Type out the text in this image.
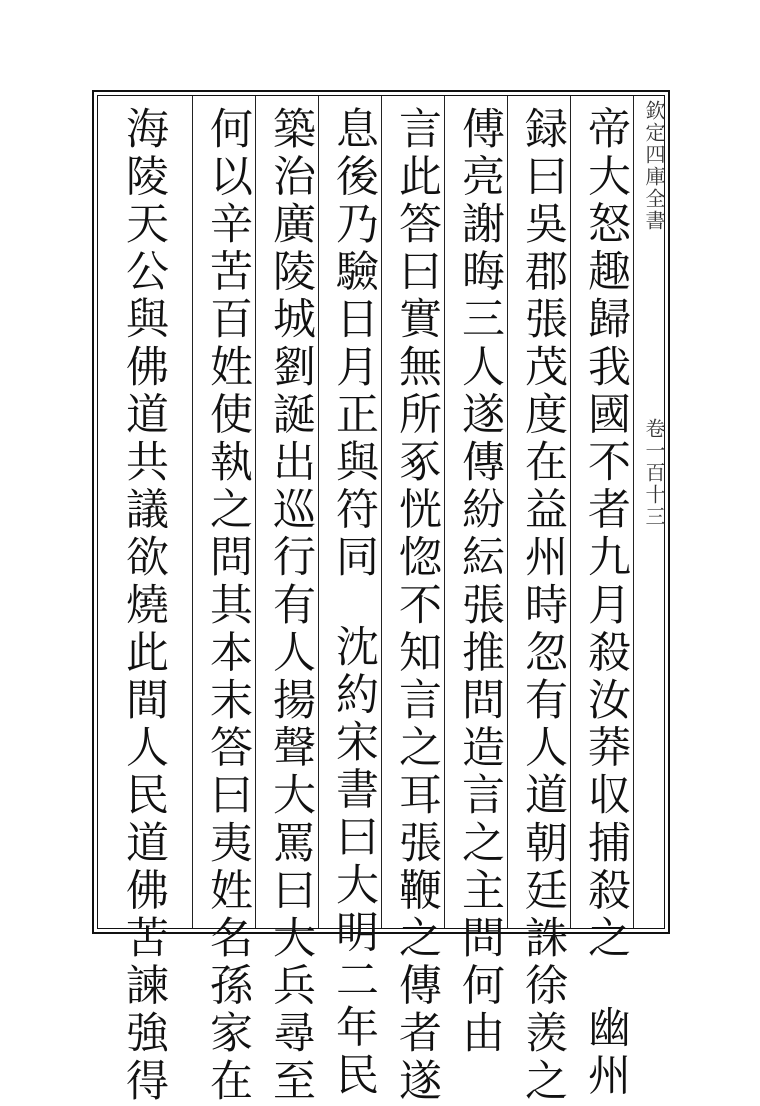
欽定四庫全書
卷一百十三
帝大怒趣歸我國不者九月殺汝莽収捕殺之幽州
録曰吳郡張茂度在益州時忽有人道朝廷誅徐羡之
傅亮謝晦三人遂傳紛紜張推問造言之主問何由
言此答曰實無所豖恍惚不知言之耳張鞭之傳者遂
息後乃驗日月正與符同沈約宋書曰大明二年民
築治廣陵城劉誕出巡行有人揚聲大罵曰大兵尋至
何以辛苦百姓使執之問其本末答曰夷姓名孫家在
海陵天公與佛道共議欲燒此間人民道佛苦諫強得
